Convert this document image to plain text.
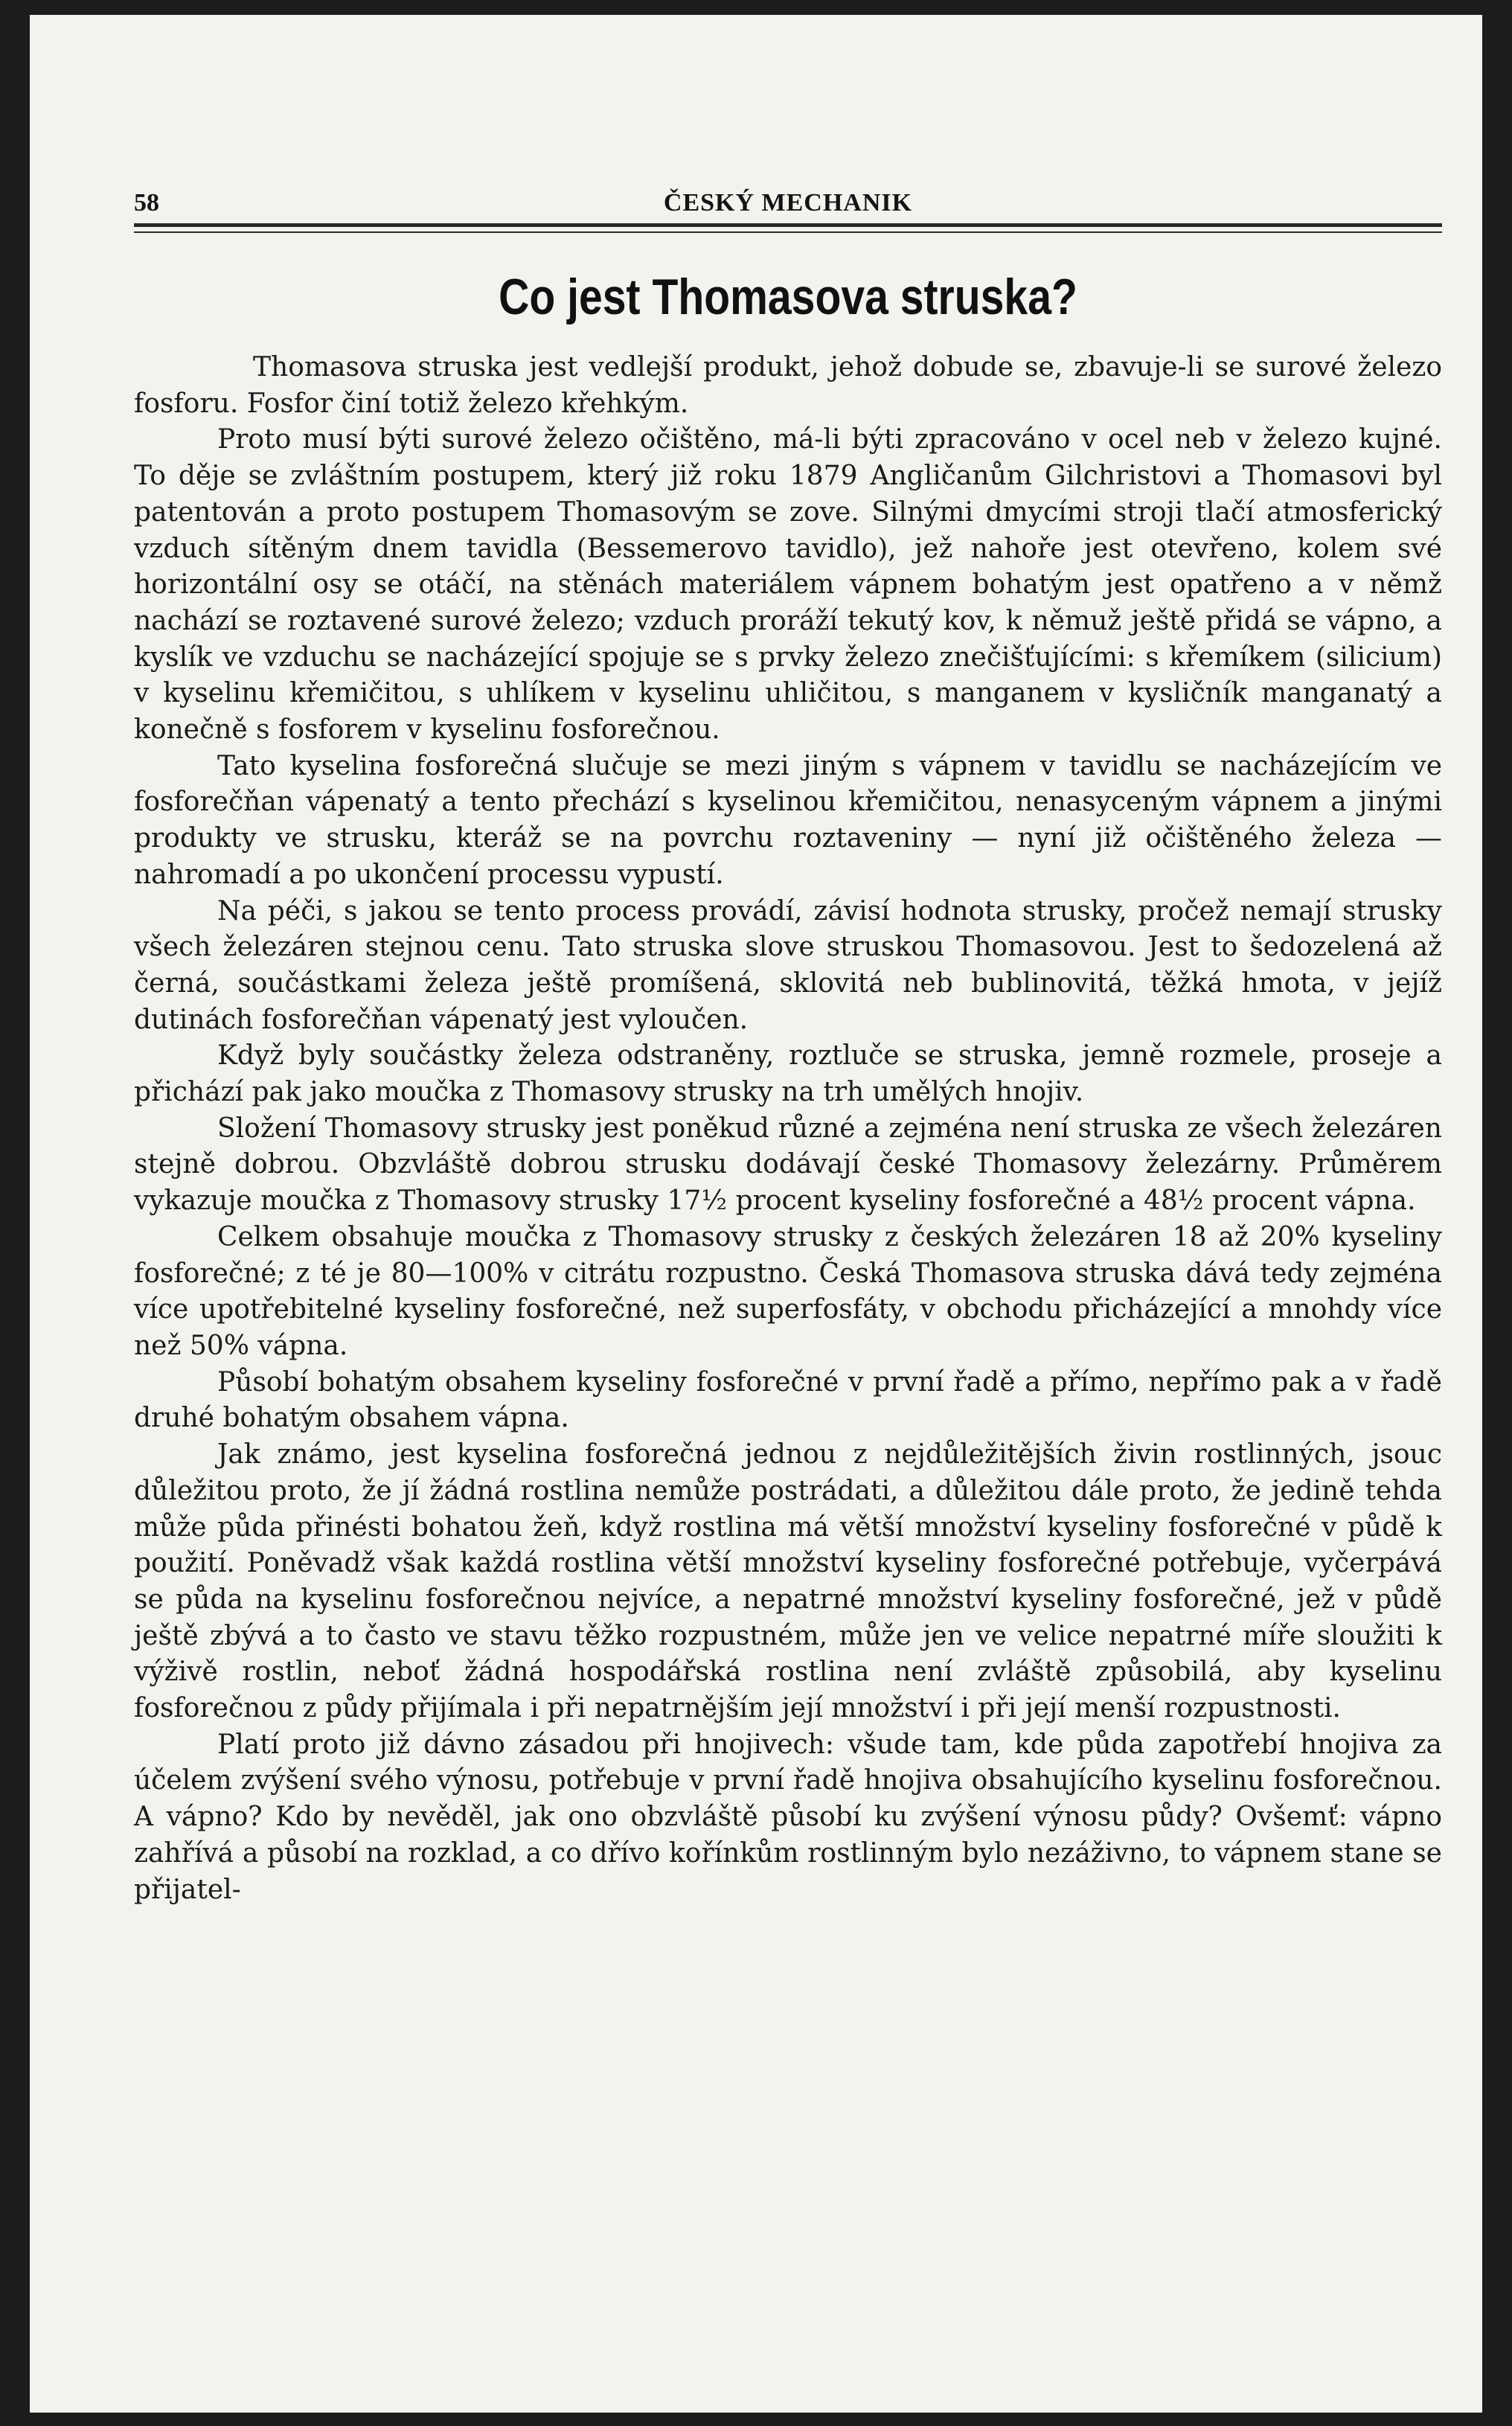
58	ČESKÝ MECHANIK
Co jest Thomasova struska?

Thomasova struska jest vedlejší produkt, jehož dobude se, zbavuje-li se surové železo fosforu. Fosfor činí totiž železo křehkým.

Proto musí býti surové železo očištěno, má-li býti zpracováno v ocel neb v železo kujné. To děje se zvláštním postupem, který již roku 1879 Angličanům Gilchristovi a Thomasovi byl patentován a proto postupem Thomasovým se zove. Silnými dmycími stroji tlačí atmosferický vzduch sítěným dnem tavidla (Bessemerovo tavidlo), jež nahoře jest otevřeno, kolem své horizontální osy se otáčí, na stěnách materiálem vápnem bohatým jest opatřeno a v němž nachází se roztavené surové železo; vzduch proráží tekutý kov, k němuž ještě přidá se vápno, a kyslík ve vzduchu se nacházející spojuje se s prvky železo znečišťujícími: s křemíkem (silicium) v kyselinu křemičitou, s uhlíkem v kyselinu uhličitou, s manganem v kysličník manganatý a konečně s fosforem v kyselinu fosforečnou.

Tato kyselina fosforečná slučuje se mezi jiným s vápnem v tavidlu se nacházejícím ve fosforečňan vápenatý a tento přechází s kyselinou křemičitou, nenasyceným vápnem a jinými produkty ve strusku, kteráž se na povrchu roztaveniny — nyní již očištěného železa — nahromadí a po ukončení processu vypustí.

Na péči, s jakou se tento process provádí, závisí hodnota strusky, pročež nemají strusky všech železáren stejnou cenu. Tato struska slove struskou Thomasovou. Jest to šedozelená až černá, součástkami železa ještě promíšená, sklovitá neb bublinovitá, těžká hmota, v jejíž dutinách fosforečňan vápenatý jest vyloučen.

Když byly součástky železa odstraněny, roztluče se struska, jemně rozmele, proseje a přichází pak jako moučka z Thomasovy strusky na trh umělých hnojiv.

Složení Thomasovy strusky jest poněkud různé a zejména není struska ze všech železáren stejně dobrou. Obzvláště dobrou strusku dodávají české Thomasovy železárny. Průměrem vykazuje moučka z Thomasovy strusky 17½ procent kyseliny fosforečné a 48½ procent vápna.

Celkem obsahuje moučka z Thomasovy strusky z českých železáren 18 až 20% kyseliny fosforečné; z té je 80—100% v citrátu rozpustno. Česká Thomasova struska dává tedy zejména více upotřebitelné kyseliny fosforečné, než superfosfáty, v obchodu přicházející a mnohdy více než 50% vápna.

Působí bohatým obsahem kyseliny fosforečné v první řadě a přímo, nepřímo pak a v řadě druhé bohatým obsahem vápna.

Jak známo, jest kyselina fosforečná jednou z nejdůležitějších živin rostlinných, jsouc důležitou proto, že jí žádná rostlina nemůže postrádati, a důležitou dále proto, že jedině tehda může půda přinésti bohatou žeň, když rostlina má větší množství kyseliny fosforečné v půdě k použití. Poněvadž však každá rostlina větší množství kyseliny fosforečné potřebuje, vyčerpává se půda na kyselinu fosforečnou nejvíce, a nepatrné množství kyseliny fosforečné, jež v půdě ještě zbývá a to často ve stavu těžko rozpustném, může jen ve velice nepatrné míře sloužiti k výživě rostlin, neboť žádná hospodářská rostlina není zvláště způsobilá, aby kyselinu fosforečnou z půdy přijímala i při nepatrnějším její množství i při její menší rozpustnosti.

Platí proto již dávno zásadou při hnojivech: všude tam, kde půda zapotřebí hnojiva za účelem zvýšení svého výnosu, potřebuje v první řadě hnojiva obsahujícího kyselinu fosforečnou. A vápno? Kdo by nevěděl, jak ono obzvláště působí ku zvýšení výnosu půdy? Ovšemť: vápno zahřívá a působí na rozklad, a co dřívo kořínkům rostlinným bylo nezáživno, to vápnem stane se přijatel-
